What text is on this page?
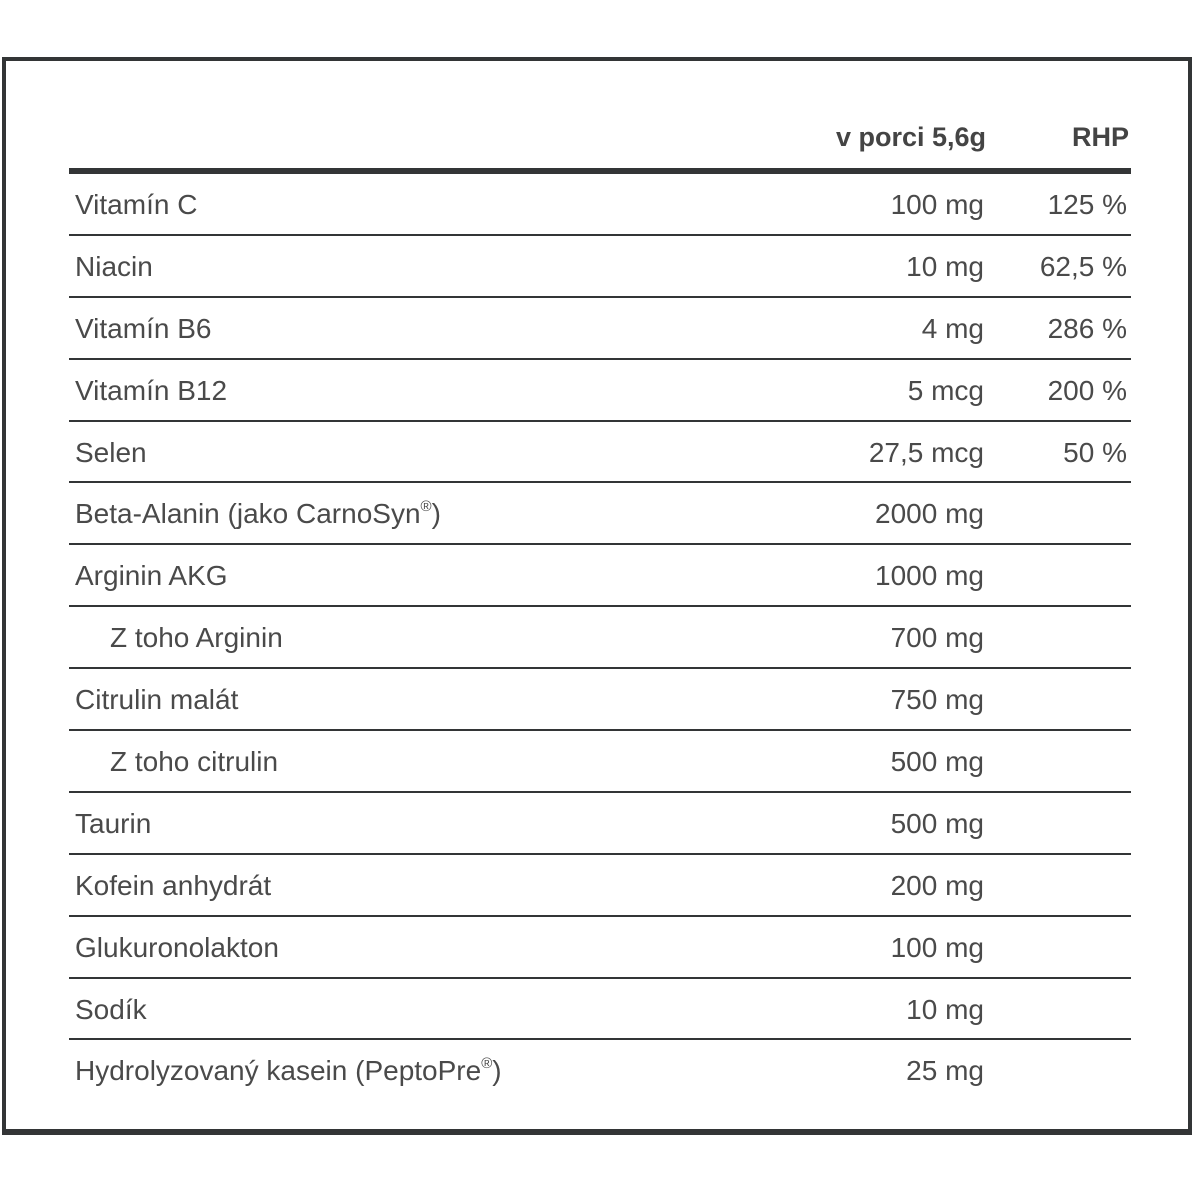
v porci 5,6g	RHP
Vitamín C	100 mg 125 %
Niacin	10 mg 62,5 %
Vitamín B6	4 mg 286 %
Vitamín B12	5 mcg 200 %
Selen	27,5 mcg	50 %
Beta-Alanin (jako CarnoSyn®)	2000 mg
Arginin AKG	1000 mg
Z toho Arginin	700 mg
Citrulin malát	750 mg
Z toho citrulin	500 mg
Taurin	500 mg
Kofein anhydrát	200 mg
Glukuronolakton	100 mg
Sodík	10 mg
Hydrolyzovaný kasein (PeptoPre®)	25 mg
